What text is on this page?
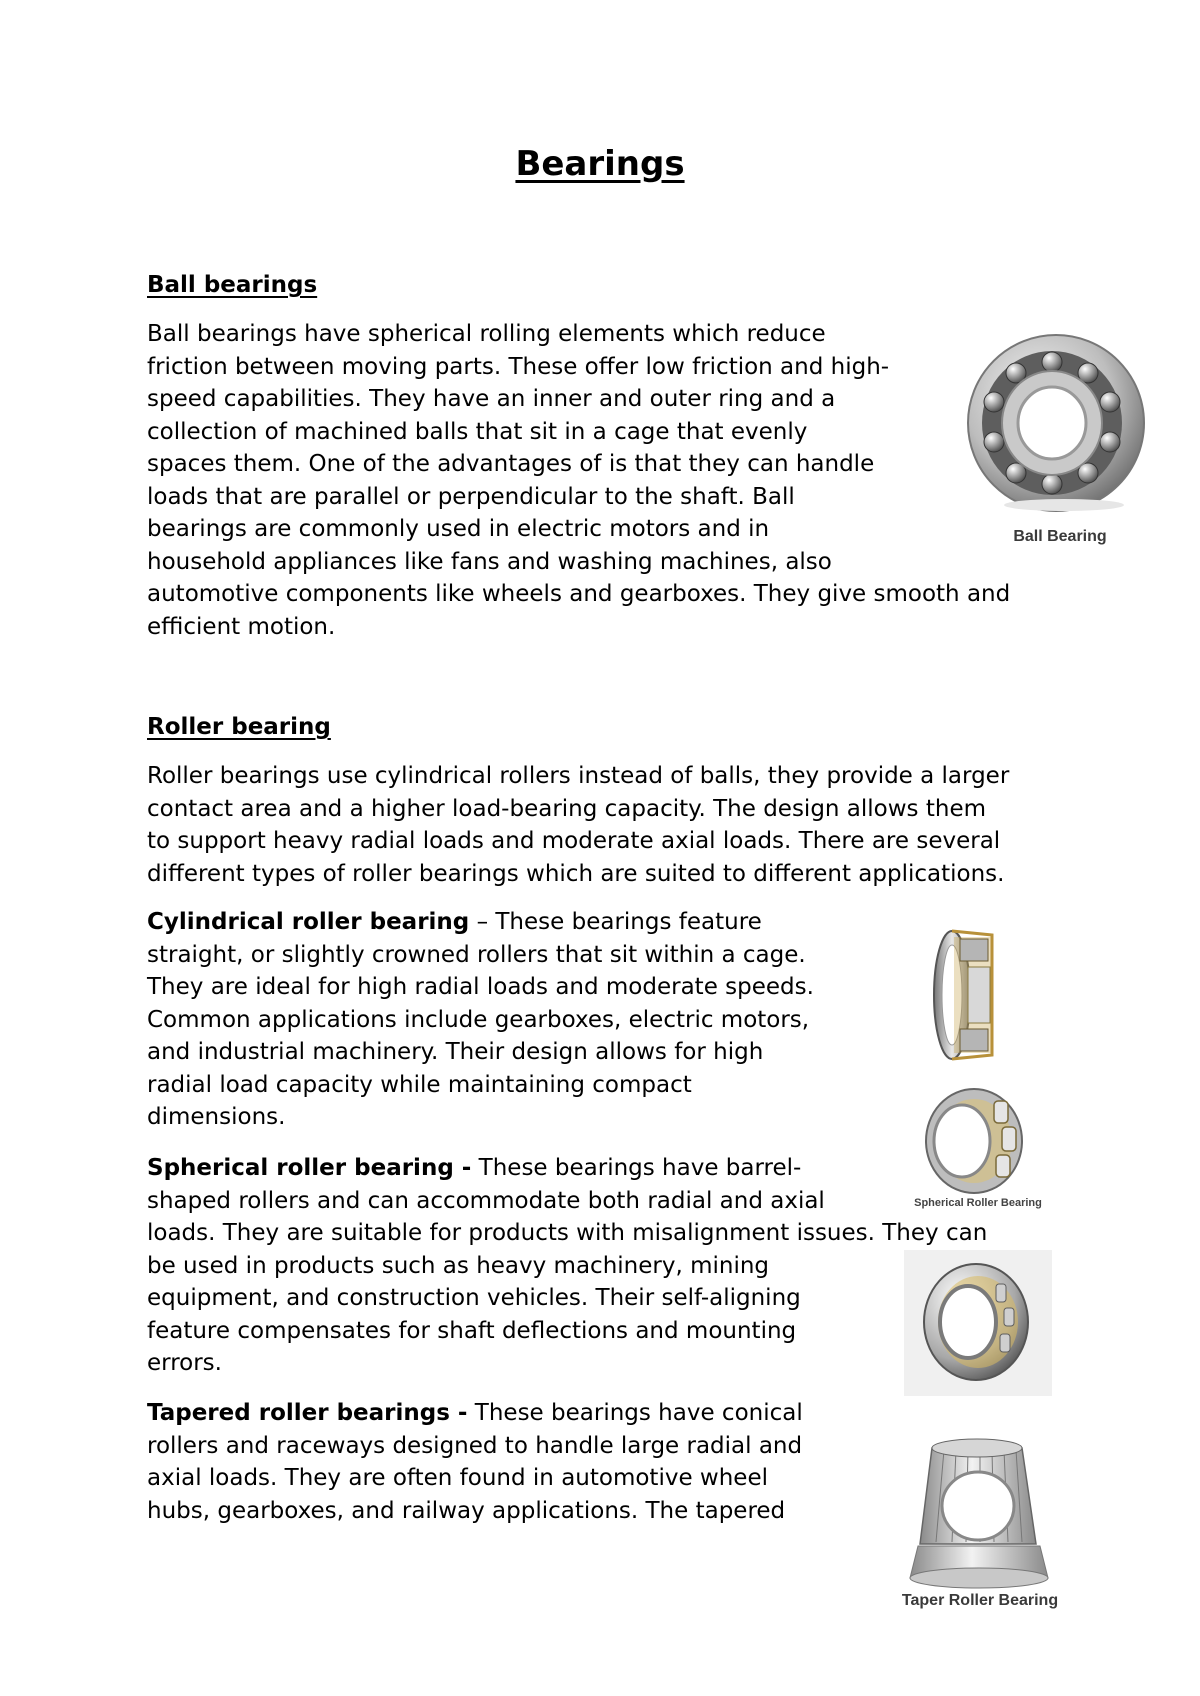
Bearings
Ball bearings
Ball bearings have spherical rolling elements which reduce
friction between moving parts. These offer low friction and high-
speed capabilities. They have an inner and outer ring and a
collection of machined balls that sit in a cage that evenly
spaces them. One of the advantages of is that they can handle
loads that are parallel or perpendicular to the shaft. Ball
bearings are commonly used in electric motors and in
household appliances like fans and washing machines, also
automotive components like wheels and gearboxes. They give smooth and
efficient motion.
Ball Bearing
Roller bearing
Roller bearings use cylindrical rollers instead of balls, they provide a larger
contact area and a higher load-bearing capacity. The design allows them
to support heavy radial loads and moderate axial loads. There are several
different types of roller bearings which are suited to different applications.
Cylindrical roller bearing – These bearings feature
straight, or slightly crowned rollers that sit within a cage.
They are ideal for high radial loads and moderate speeds.
Common applications include gearboxes, electric motors,
and industrial machinery. Their design allows for high
radial load capacity while maintaining compact
dimensions.
Spherical Roller Bearing
Spherical roller bearing - These bearings have barrel-
shaped rollers and can accommodate both radial and axial
loads. They are suitable for products with misalignment issues. They can
be used in products such as heavy machinery, mining
equipment, and construction vehicles. Their self-aligning
feature compensates for shaft deflections and mounting
errors.
Tapered roller bearings - These bearings have conical
rollers and raceways designed to handle large radial and
axial loads. They are often found in automotive wheel
hubs, gearboxes, and railway applications. The tapered
Taper Roller Bearing
